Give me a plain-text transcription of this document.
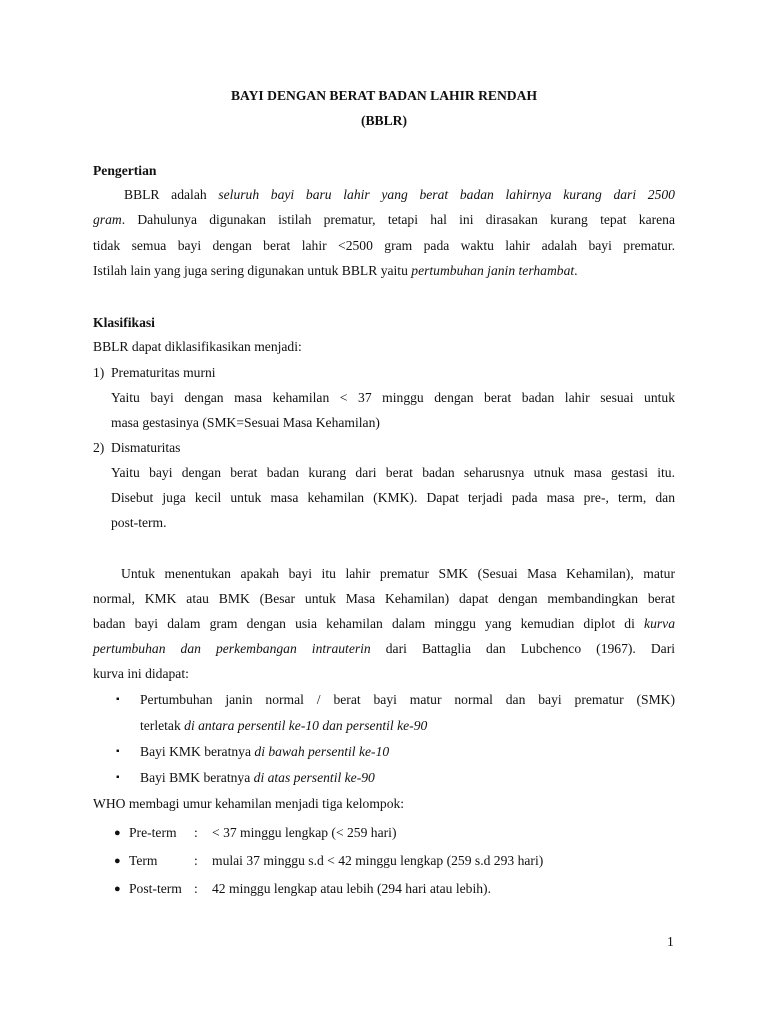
BAYI DENGAN BERAT BADAN LAHIR RENDAH
(BBLR)
Pengertian
BBLR adalah seluruh bayi baru lahir yang berat badan lahirnya kurang dari 2500
gram. Dahulunya digunakan istilah prematur, tetapi hal ini dirasakan kurang tepat karena
tidak semua bayi dengan berat lahir <2500 gram pada waktu lahir adalah bayi prematur.
Istilah lain yang juga sering digunakan untuk BBLR yaitu pertumbuhan janin terhambat.
Klasifikasi
BBLR dapat diklasifikasikan menjadi:
1) Prematuritas murni
Yaitu bayi dengan masa kehamilan < 37 minggu dengan berat badan lahir sesuai untuk
masa gestasinya (SMK=Sesuai Masa Kehamilan)
2) Dismaturitas
Yaitu bayi dengan berat badan kurang dari berat badan seharusnya utnuk masa gestasi itu.
Disebut juga kecil untuk masa kehamilan (KMK). Dapat terjadi pada masa pre-, term, dan
post-term.
Untuk menentukan apakah bayi itu lahir prematur SMK (Sesuai Masa Kehamilan), matur
normal, KMK atau BMK (Besar untuk Masa Kehamilan) dapat dengan membandingkan berat
badan bayi dalam gram dengan usia kehamilan dalam minggu yang kemudian diplot di kurva
pertumbuhan dan perkembangan intrauterin dari Battaglia dan Lubchenco (1967). Dari
kurva ini didapat:
▪ Pertumbuhan janin normal / berat bayi matur normal dan bayi prematur (SMK)
terletak di antara persentil ke-10 dan persentil ke-90
▪ Bayi KMK beratnya di bawah persentil ke-10
▪ Bayi BMK beratnya di atas persentil ke-90
WHO membagi umur kehamilan menjadi tiga kelompok:
● Pre-term : < 37 minggu lengkap (< 259 hari)
● Term	: mulai 37 minggu s.d < 42 minggu lengkap (259 s.d 293 hari)
● Post-term : 42 minggu lengkap atau lebih (294 hari atau lebih).
1
